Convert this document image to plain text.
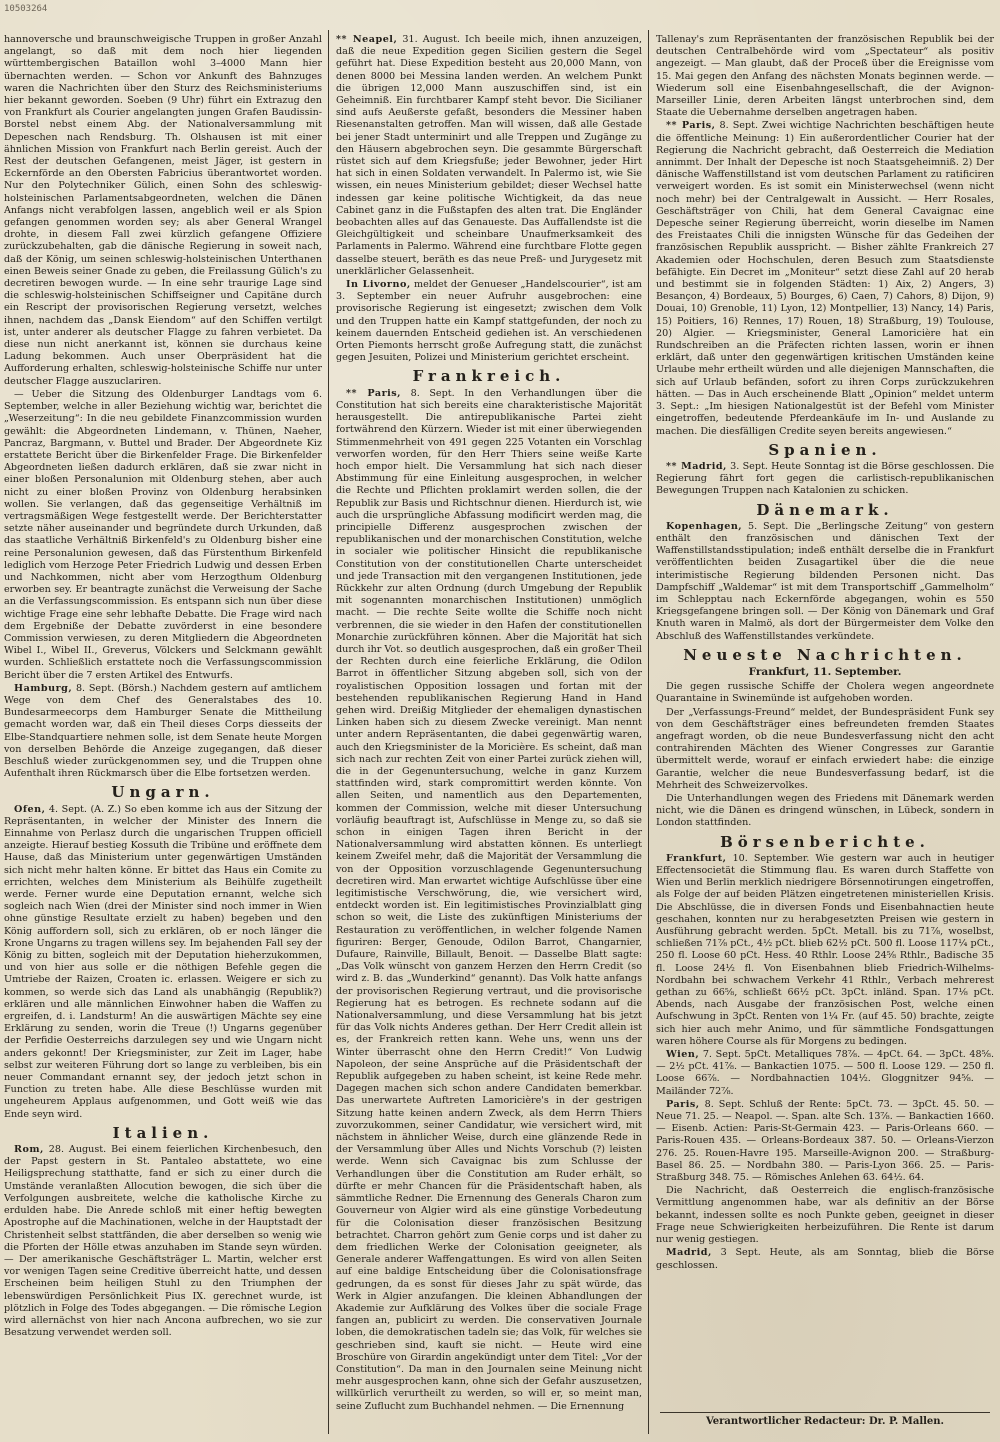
10503264

hannoversche und braunschweigische Truppen in großer Anzahl angelangt, so daß mit dem noch hier liegenden württembergischen Bataillon wohl 3–4000 Mann hier übernachten werden. — Schon vor Ankunft des Bahnzuges waren die Nachrichten über den Sturz des Reichsministeriums hier bekannt geworden. Soeben (9 Uhr) führt ein Extrazug den von Frankfurt als Courier angelangten jungen Grafen Baudissin-Borstel nebst einem Abg. der Nationalversammlung mit Depeschen nach Rendsburg. Th. Olshausen ist mit einer ähnlichen Mission von Frankfurt nach Berlin gereist. Auch der Rest der deutschen Gefangenen, meist Jäger, ist gestern in Eckernförde an den Obersten Fabricius überantwortet worden. Nur den Polytechniker Gülich, einen Sohn des schleswig-holsteinischen Parlamentsabgeordneten, welchen die Dänen Anfangs nicht verabfolgen lassen, angeblich weil er als Spion gefangen genommen worden sey; als aber General Wrangel drohte, in diesem Fall zwei kürzlich gefangene Offiziere zurückzubehalten, gab die dänische Regierung in soweit nach, daß der König, um seinen schleswig-holsteinischen Unterthanen einen Beweis seiner Gnade zu geben, die Freilassung Gülich's zu decretiren bewogen wurde. — In eine sehr traurige Lage sind die schleswig-holsteinischen Schiffseigner und Capitäne durch ein Rescript der provisorischen Regierung versetzt, welches ihnen, nachdem das „Dansk Eiendom“ auf den Schiffen vertilgt ist, unter anderer als deutscher Flagge zu fahren verbietet. Da diese nun nicht anerkannt ist, können sie durchaus keine Ladung bekommen. Auch unser Oberpräsident hat die Aufforderung erhalten, schleswig-holsteinische Schiffe nur unter deutscher Flagge auszuclariren.

— Ueber die Sitzung des Oldenburger Landtags vom 6. September, welche in aller Beziehung wichtig war, berichtet die „Weserzeitung“: In die neu gebildete Finanzcommission wurden gewählt: die Abgeordneten Lindemann, v. Thünen, Naeher, Pancraz, Bargmann, v. Buttel und Brader. Der Abgeordnete Kiz erstattete Bericht über die Birkenfelder Frage. Die Birkenfelder Abgeordneten ließen dadurch erklären, daß sie zwar nicht in einer bloßen Personalunion mit Oldenburg stehen, aber auch nicht zu einer bloßen Provinz von Oldenburg herabsinken wollen. Sie verlangen, daß das gegenseitige Verhältniß im vertragsmäßigen Wege festgestellt werde. Der Berichterstatter setzte näher auseinander und begründete durch Urkunden, daß das staatliche Verhältniß Birkenfeld's zu Oldenburg bisher eine reine Personalunion gewesen, daß das Fürstenthum Birkenfeld lediglich vom Herzoge Peter Friedrich Ludwig und dessen Erben und Nachkommen, nicht aber vom Herzogthum Oldenburg erworben sey. Er beantragte zunächst die Verweisung der Sache an die Verfassungscommission. Es entspann sich nun über diese wichtige Frage eine sehr lebhafte Debatte. Die Frage wird nach dem Ergebniße der Debatte zuvörderst in eine besondere Commission verwiesen, zu deren Mitgliedern die Abgeordneten Wibel I., Wibel II., Greverus, Völckers und Selckmann gewählt wurden. Schließlich erstattete noch die Verfassungscommission Bericht über die 7 ersten Artikel des Entwurfs.

Hamburg, 8. Sept. (Börsh.) Nachdem gestern auf amtlichem Wege von dem Chef des Generalstabes des 10. Bundesarmeecorps dem Hamburger Senate die Mittheilung gemacht worden war, daß ein Theil dieses Corps diesseits der Elbe-Standquartiere nehmen solle, ist dem Senate heute Morgen von derselben Behörde die Anzeige zugegangen, daß dieser Beschluß wieder zurückgenommen sey, und die Truppen ohne Aufenthalt ihren Rückmarsch über die Elbe fortsetzen werden.

Ungarn.

Ofen, 4. Sept. (A. Z.) So eben komme ich aus der Sitzung der Repräsentanten, in welcher der Minister des Innern die Einnahme von Perlasz durch die ungarischen Truppen officiell anzeigte. Hierauf bestieg Kossuth die Tribüne und eröffnete dem Hause, daß das Ministerium unter gegenwärtigen Umständen sich nicht mehr halten könne. Er bittet das Haus ein Comite zu errichten, welches dem Ministerium als Beihülfe zugetheilt werde. Ferner wurde eine Deputation ernannt, welche sich sogleich nach Wien (drei der Minister sind noch immer in Wien ohne günstige Resultate erzielt zu haben) begeben und den König auffordern soll, sich zu erklären, ob er noch länger die Krone Ungarns zu tragen willens sey. Im bejahenden Fall sey der König zu bitten, sogleich mit der Deputation hieherzukommen, und von hier aus solle er die nöthigen Befehle gegen die Umtriebe der Raizen, Croaten ic. erlassen. Weigere er sich zu kommen, so werde sich das Land als unabhängig (Republik?) erklären und alle männlichen Einwohner haben die Waffen zu ergreifen, d. i. Landsturm! An die auswärtigen Mächte sey eine Erklärung zu senden, worin die Treue (!) Ungarns gegenüber der Perfidie Oesterreichs darzulegen sey und wie Ungarn nicht anders gekonnt! Der Kriegsminister, zur Zeit im Lager, habe selbst zur weiteren Führung dort so lange zu verbleiben, bis ein neuer Commandant ernannt sey, der jedoch jetzt schon in Function zu treten habe. Alle diese Beschlüsse wurden mit ungeheurem Applaus aufgenommen, und Gott weiß wie das Ende seyn wird.

Italien.

Rom, 28. August. Bei einem feierlichen Kirchenbesuch, den der Papst gestern in St. Pantaleo abstattete, wo eine Heiligsprechung statthatte, fand er sich zu einer durch die Umstände veranlaßten Allocution bewogen, die sich über die Verfolgungen ausbreitete, welche die katholische Kirche zu erdulden habe. Die Anrede schloß mit einer heftig bewegten Apostrophe auf die Machinationen, welche in der Hauptstadt der Christenheit selbst stattfänden, die aber derselben so wenig wie die Pforten der Hölle etwas anzuhaben im Stande seyn würden. — Der amerikanische Geschäftsträger L. Martin, welcher erst vor wenigen Tagen seine Creditive überreicht hatte, und dessen Erscheinen beim heiligen Stuhl zu den Triumphen der lebenswürdigen Persönlichkeit Pius IX. gerechnet wurde, ist plötzlich in Folge des Todes abgegangen. — Die römische Legion wird allernächst von hier nach Ancona aufbrechen, wo sie zur Besatzung verwendet werden soll.

** Neapel, 31. August. Ich beeile mich, ihnen anzuzeigen, daß die neue Expedition gegen Sicilien gestern die Segel geführt hat. Diese Expedition besteht aus 20,000 Mann, von denen 8000 bei Messina landen werden. An welchem Punkt die übrigen 12,000 Mann auszuschiffen sind, ist ein Geheimniß. Ein furchtbarer Kampf steht bevor. Die Sicilianer sind aufs Aeußerste gefaßt, besonders die Messiner haben Riesenanstalten getroffen. Man will wissen, daß alle Gestade bei jener Stadt unterminirt und alle Treppen und Zugänge zu den Häusern abgebrochen seyn. Die gesammte Bürgerschaft rüstet sich auf dem Kriegsfuße; jeder Bewohner, jeder Hirt hat sich in einen Soldaten verwandelt. In Palermo ist, wie Sie wissen, ein neues Ministerium gebildet; dieser Wechsel hatte indessen gar keine politische Wichtigkeit, da das neue Cabinet ganz in die Fußstapfen des alten trat. Die Engländer beobachten alles auf das Genaueste. Das Auffallendste ist die Gleichgültigkeit und scheinbare Unaufmerksamkeit des Parlaments in Palermo. Während eine furchtbare Flotte gegen dasselbe steuert, beräth es das neue Preß- und Jurygesetz mit unerklärlicher Gelassenheit.

In Livorno, meldet der Genueser „Handelscourier“, ist am 3. September ein neuer Aufruhr ausgebrochen: eine provisorische Regierung ist eingesetzt; zwischen dem Volk und den Truppen hatte ein Kampf stattgefunden, der noch zu keinem dauernden Entscheid gediehen ist. An verschiedenen Orten Piemonts herrscht große Aufregung statt, die zunächst gegen Jesuiten, Polizei und Ministerium gerichtet erscheint.

Frankreich.

** Paris, 8. Sept. In den Verhandlungen über die Constitution hat sich bereits eine charakteristische Majorität herausgestellt. Die antirepublikanische Partei zieht fortwährend den Kürzern. Wieder ist mit einer überwiegenden Stimmenmehrheit von 491 gegen 225 Votanten ein Vorschlag verworfen worden, für den Herr Thiers seine weiße Karte hoch empor hielt. Die Versammlung hat sich nach dieser Abstimmung für eine Einleitung ausgesprochen, in welcher die Rechte und Pflichten proklamirt werden sollen, die der Republik zur Basis und Richtschnur dienen. Hierdurch ist, wie auch die ursprüngliche Abfassung modificirt werden mag, die principielle Differenz ausgesprochen zwischen der republikanischen und der monarchischen Constitution, welche in socialer wie politischer Hinsicht die republikanische Constitution von der constitutionellen Charte unterscheidet und jede Transaction mit den vergangenen Institutionen, jede Rückkehr zur alten Ordnung (durch Umgebung der Republik mit sogenannten monarchischen Institutionen) unmöglich macht. — Die rechte Seite wollte die Schiffe noch nicht verbrennen, die sie wieder in den Hafen der constitutionellen Monarchie zurückführen können. Aber die Majorität hat sich durch ihr Vot. so deutlich ausgesprochen, daß ein großer Theil der Rechten durch eine feierliche Erklärung, die Odilon Barrot in öffentlicher Sitzung abgeben soll, sich von der royalistischen Opposition lossagen und fortan mit der bestehenden republikanischen Regierung Hand in Hand gehen wird. Dreißig Mitglieder der ehemaligen dynastischen Linken haben sich zu diesem Zwecke vereinigt. Man nennt unter andern Repräsentanten, die dabei gegenwärtig waren, auch den Kriegsminister de la Moricière. Es scheint, daß man sich nach zur rechten Zeit von einer Partei zurück ziehen will, die in der Gegenuntersuchung, welche in ganz Kurzem stattfinden wird, stark compromittirt werden könnte. Von allen Seiten, und namentlich aus den Departementen, kommen der Commission, welche mit dieser Untersuchung vorläufig beauftragt ist, Aufschlüsse in Menge zu, so daß sie schon in einigen Tagen ihren Bericht in der Nationalversammlung wird abstatten können. Es unterliegt keinem Zweifel mehr, daß die Majorität der Versammlung die von der Opposition vorzuschlagende Gegenuntersuchung decretiren wird. Man erwartet wichtige Aufschlüsse über eine legitimistische Verschwörung, die, wie versichert wird, entdeckt worden ist. Ein legitimistisches Provinzialblatt ging schon so weit, die Liste des zukünftigen Ministeriums der Restauration zu veröffentlichen, in welcher folgende Namen figuriren: Berger, Genoude, Odilon Barrot, Changarnier, Dufaure, Rainville, Billault, Benoit. — Dasselbe Blatt sagte: „Das Volk wünscht von ganzem Herzen den Herrn Credit (so wird z. B. das „Wunderkind“ genannt). Das Volk hatte anfangs der provisorischen Regierung vertraut, und die provisorische Regierung hat es betrogen. Es rechnete sodann auf die Nationalversammlung, und diese Versammlung hat bis jetzt für das Volk nichts Anderes gethan. Der Herr Credit allein ist es, der Frankreich retten kann. Wehe uns, wenn uns der Winter überrascht ohne den Herrn Credit!“ Von Ludwig Napoleon, der seine Ansprüche auf die Präsidentschaft der Republik aufgegeben zu haben scheint, ist keine Rede mehr. Dagegen machen sich schon andere Candidaten bemerkbar. Das unerwartete Auftreten Lamoricière's in der gestrigen Sitzung hatte keinen andern Zweck, als dem Herrn Thiers zuvorzukommen, seiner Candidatur, wie versichert wird, mit nächstem in ähnlicher Weise, durch eine glänzende Rede in der Versammlung über Alles und Nichts Vorschub (?) leisten werde. Wenn sich Cavaignac bis zum Schlusse der Verhandlungen über die Constitution am Ruder erhält, so dürfte er mehr Chancen für die Präsidentschaft haben, als sämmtliche Redner. Die Ernennung des Generals Charon zum Gouverneur von Algier wird als eine günstige Vorbedeutung für die Colonisation dieser französischen Besitzung betrachtet. Charron gehört zum Genie corps und ist daher zu dem friedlichen Werke der Colonisation geeigneter, als Generale anderer Waffengattungen. Es wird von allen Seiten auf eine baldige Entscheidung über die Colonisationsfrage gedrungen, da es sonst für dieses Jahr zu spät würde, das Werk in Algier anzufangen. Die kleinen Abhandlungen der Akademie zur Aufklärung des Volkes über die sociale Frage fangen an, publicirt zu werden. Die conservativen Journale loben, die demokratischen tadeln sie; das Volk, für welches sie geschrieben sind, kauft sie nicht. — Heute wird eine Broschüre von Girardin angekündigt unter dem Titel: „Vor der Constitution“. Da man in den Journalen seine Meinung nicht mehr ausgesprochen kann, ohne sich der Gefahr auszusetzen, willkürlich verurtheilt zu werden, so will er, so meint man, seine Zuflucht zum Buchhandel nehmen. — Die Ernennung

Tallenay's zum Repräsentanten der französischen Republik bei der deutschen Centralbehörde wird vom „Spectateur“ als positiv angezeigt. — Man glaubt, daß der Proceß über die Ereignisse vom 15. Mai gegen den Anfang des nächsten Monats beginnen werde. — Wiederum soll eine Eisenbahngesellschaft, die der Avignon-Marseiller Linie, deren Arbeiten längst unterbrochen sind, dem Staate die Uebernahme derselben angetragen haben.

** Paris, 8. Sept. Zwei wichtige Nachrichten beschäftigen heute die öffentliche Meinung: 1) Ein außerordentlicher Courier hat der Regierung die Nachricht gebracht, daß Oesterreich die Mediation annimmt. Der Inhalt der Depesche ist noch Staatsgeheimniß. 2) Der dänische Waffenstillstand ist vom deutschen Parlament zu ratificiren verweigert worden. Es ist somit ein Ministerwechsel (wenn nicht noch mehr) bei der Centralgewalt in Aussicht. — Herr Rosales, Geschäftsträger von Chili, hat dem General Cavaignac eine Depesche seiner Regierung überreicht, worin dieselbe im Namen des Freistaates Chili die innigsten Wünsche für das Gedeihen der französischen Republik ausspricht. — Bisher zählte Frankreich 27 Akademien oder Hochschulen, deren Besuch zum Staatsdienste befähigte. Ein Decret im „Moniteur“ setzt diese Zahl auf 20 herab und bestimmt sie in folgenden Städten: 1) Aix, 2) Angers, 3) Besançon, 4) Bordeaux, 5) Bourges, 6) Caen, 7) Cahors, 8) Dijon, 9) Douai, 10) Grenoble, 11) Lyon, 12) Montpellier, 13) Nancy, 14) Paris, 15) Poitiers, 16) Rennes, 17) Rouen, 18) Straßburg, 19) Toulouse, 20) Algier. — Kriegsminister, General Lamoricière hat ein Rundschreiben an die Präfecten richten lassen, worin er ihnen erklärt, daß unter den gegenwärtigen kritischen Umständen keine Urlaube mehr ertheilt würden und alle diejenigen Mannschaften, die sich auf Urlaub befänden, sofort zu ihren Corps zurückzukehren hätten. — Das in Auch erscheinende Blatt „Opinion“ meldet unterm 3. Sept.: „Im hiesigen Nationalgestüt ist der Befehl vom Minister eingetroffen, bedeutende Pferdeankäufe im In- und Auslande zu machen. Die diesfälligen Credite seyen bereits angewiesen.“

Spanien.

** Madrid, 3. Sept. Heute Sonntag ist die Börse geschlossen. Die Regierung fährt fort gegen die carlistisch-republikanischen Bewegungen Truppen nach Katalonien zu schicken.

Dänemark.

Kopenhagen, 5. Sept. Die „Berlingsche Zeitung“ von gestern enthält den französischen und dänischen Text der Waffenstillstandsstipulation; indeß enthält derselbe die in Frankfurt veröffentlichten beiden Zusagartikel über die die neue interimistische Regierung bildenden Personen nicht. Das Dampfschiff „Waldemar“ ist mit dem Transportschiff „Gammelholm“ im Schlepptau nach Eckernförde abgegangen, wohin es 550 Kriegsgefangene bringen soll. — Der König von Dänemark und Graf Knuth waren in Malmö, als dort der Bürgermeister dem Volke den Abschluß des Waffenstillstandes verkündete.

Neueste Nachrichten.
Frankfurt, 11. September.

Die gegen russische Schiffe der Cholera wegen angeordnete Quarantaine in Swinemünde ist aufgehoben worden.

Der „Verfassungs-Freund“ meldet, der Bundespräsident Funk sey von dem Geschäftsträger eines befreundeten fremden Staates angefragt worden, ob die neue Bundesverfassung nicht den acht contrahirenden Mächten des Wiener Congresses zur Garantie übermittelt werde, worauf er einfach erwiedert habe: die einzige Garantie, welcher die neue Bundesverfassung bedarf, ist die Mehrheit des Schweizervolkes.

Die Unterhandlungen wegen des Friedens mit Dänemark werden nicht, wie die Dänen es dringend wünschen, in Lübeck, sondern in London stattfinden.

Börsenberichte.

Frankfurt, 10. September. Wie gestern war auch in heutiger Effectensocietät die Stimmung flau. Es waren durch Staffette von Wien und Berlin merklich niedrigere Börsennotirungen eingetroffen, als Folge der auf beiden Plätzen eingetretenen ministeriellen Krisis. Die Abschlüsse, die in diversen Fonds und Eisenbahnactien heute geschahen, konnten nur zu herabgesetzten Preisen wie gestern in Ausführung gebracht werden. 5pCt. Metall. bis zu 71⅞, woselbst, schließen 71⅞ pCt., 4½ pCt. blieb 62½ pCt. 500 fl. Loose 117¼ pCt., 250 fl. Loose 60 pCt. Hess. 40 Rthlr. Loose 24⅝ Rthlr., Badische 35 fl. Loose 24½ fl. Von Eisenbahnen blieb Friedrich-Wilhelms-Nordbahn bei schwachem Verkehr 41 Rthlr., Verbach mehrerest gethan zu 66⅝, schließt 66½ pCt. 3pCt. inländ. Span. 17⅛ pCt. Abends, nach Ausgabe der französischen Post, welche einen Aufschwung in 3pCt. Renten von 1¼ Fr. (auf 45. 50) brachte, zeigte sich hier auch mehr Animo, und für sämmtliche Fondsgattungen waren höhere Course als für Morgens zu bedingen.

Wien, 7. Sept. 5pCt. Metalliques 78⅞. — 4pCt. 64. — 3pCt. 48⅝. — 2½ pCt. 41⅞. — Bankactien 1075. — 500 fl. Loose 129. — 250 fl. Loose 66⅞. — Nordbahnactien 104½. Gloggnitzer 94⅝. — Mailänder 72⅞.

Paris, 8. Sept. Schluß der Rente: 5pCt. 73. — 3pCt. 45. 50. — Neue 71. 25. — Neapol. —. Span. alte Sch. 13⅞. — Bankactien 1660. — Eisenb. Actien: Paris-St-Germain 423. — Paris-Orleans 660. — Paris-Rouen 435. — Orleans-Bordeaux 387. 50. — Orleans-Vierzon 276. 25. Rouen-Havre 195. Marseille-Avignon 200. — Straßburg-Basel 86. 25. — Nordbahn 380. — Paris-Lyon 366. 25. — Paris-Straßburg 348. 75. — Römisches Anlehen 63. 64½. 64.

Die Nachricht, daß Oesterreich die englisch-französische Vermittlung angenommen habe, war als definitiv an der Börse bekannt, indessen sollte es noch Punkte geben, geeignet in dieser Frage neue Schwierigkeiten herbeizuführen. Die Rente ist darum nur wenig gestiegen.

Madrid, 3 Sept. Heute, als am Sonntag, blieb die Börse geschlossen.

Verantwortlicher Redacteur: Dr. P. Mallen.
